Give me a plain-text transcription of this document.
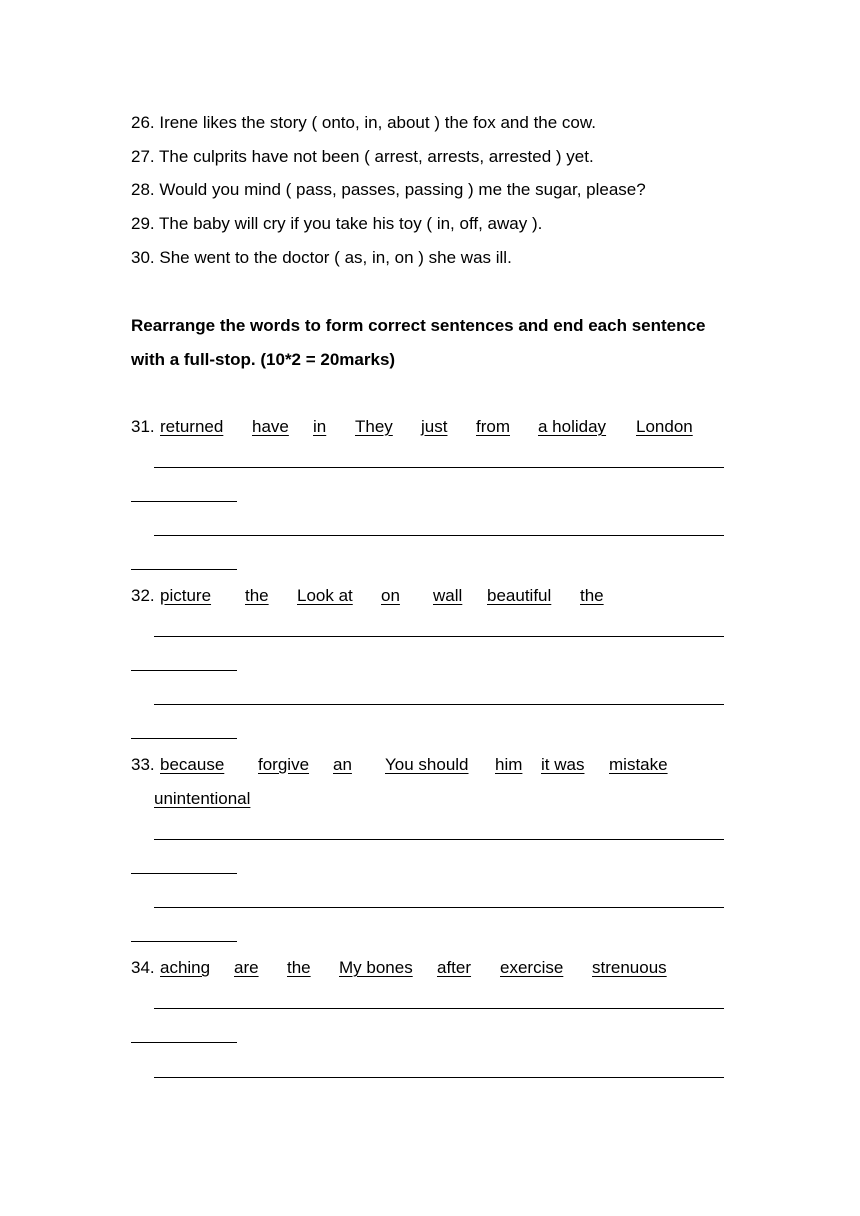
26. Irene likes the story ( onto, in, about ) the fox and the cow.
27. The culprits have not been ( arrest, arrests, arrested ) yet.
28. Would you mind ( pass, passes, passing ) me the sugar, please?
29. The baby will cry if you take his toy ( in, off, away ).
30. She went to the doctor ( as, in, on ) she was ill.
Rearrange the words to form correct sentences and end each sentence
with a full-stop. (10*2 = 20marks)
31. returned have in They just from a holiday London
32. picture the Look at on wall beautiful the
33. because forgive an You should him it was mistake
unintentional
34. aching are the My bones after exercise strenuous
